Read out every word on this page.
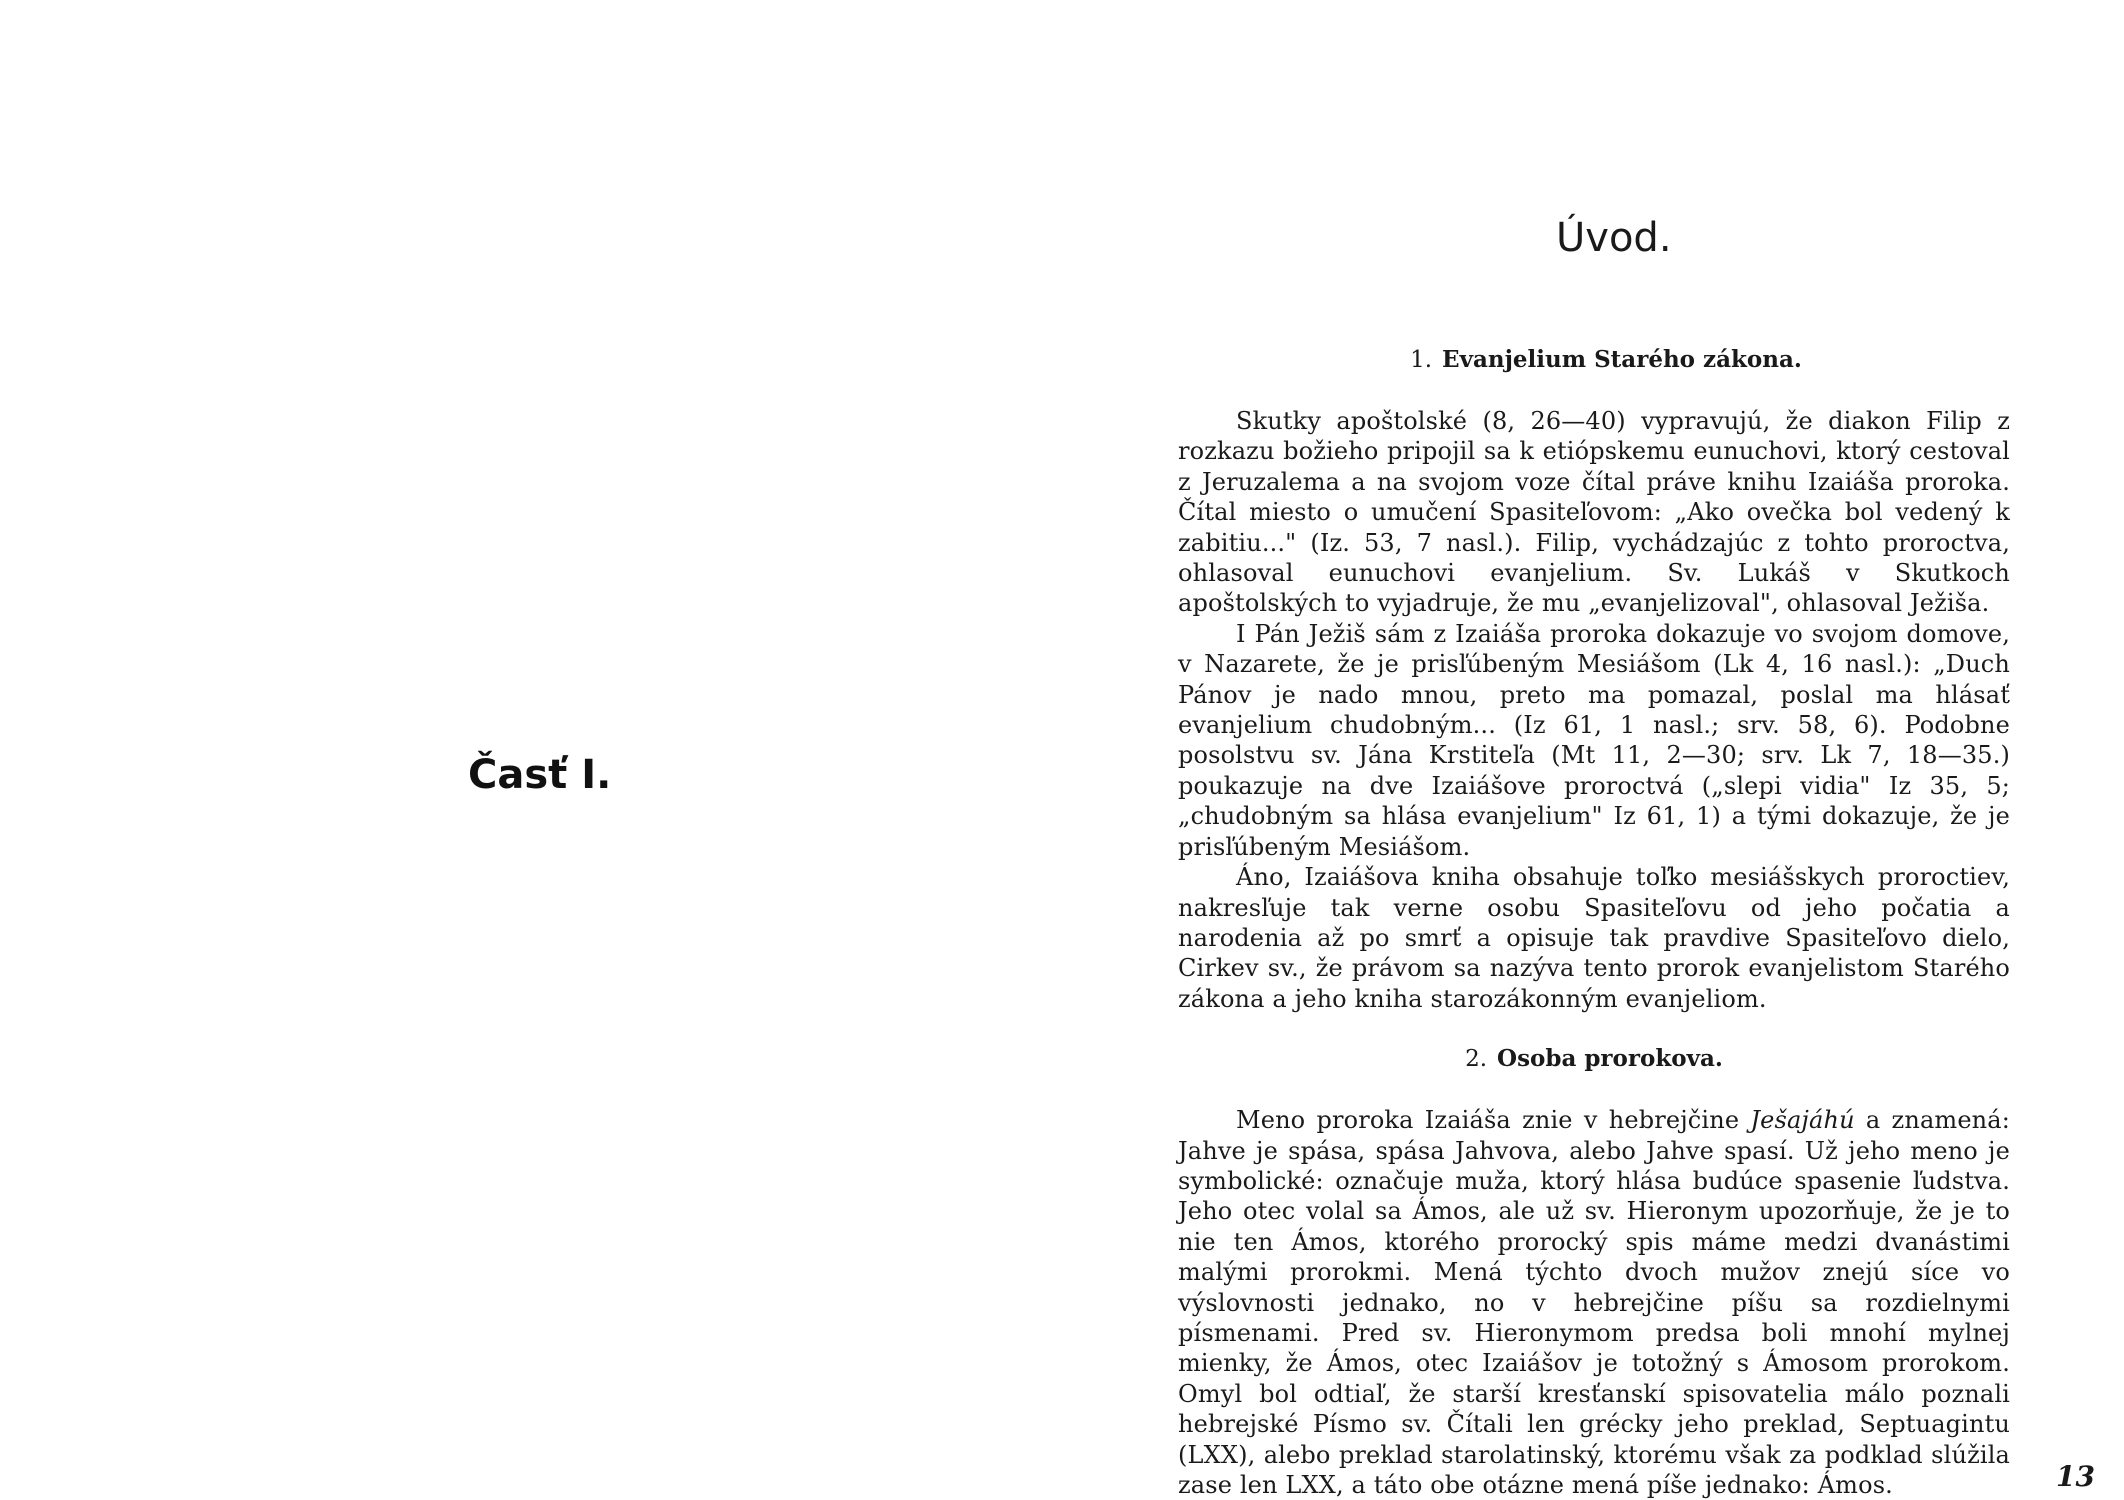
Časť I.
Úvod.
1. Evanjelium Starého zákona.

Skutky apoštolské (8, 26—40) vypravujú, že diakon Filip z rozkazu božieho pripojil sa k etiópskemu eunuchovi, ktorý cestoval z Jeruzalema a na svojom voze čítal práve knihu Izaiáša proroka. Čítal miesto o umučení Spasiteľovom: „Ako ovečka bol vedený k zabitiu..." (Iz. 53, 7 nasl.). Filip, vychádzajúc z tohto proroctva, ohlasoval eunuchovi evanjelium. Sv. Lukáš v Skutkoch apoštolských to vyjadruje, že mu „evanjelizoval", ohlasoval Ježiša.

I Pán Ježiš sám z Izaiáša proroka dokazuje vo svojom domove, v Nazarete, že je prisľúbeným Mesiášom (Lk 4, 16 nasl.): „Duch Pánov je nado mnou, preto ma pomazal, poslal ma hlásať evanjelium chudobným... (Iz 61, 1 nasl.; srv. 58, 6). Podobne posolstvu sv. Jána Krstiteľa (Mt 11, 2—30; srv. Lk 7, 18—35.) poukazuje na dve Izaiášove proroctvá („slepi vidia" Iz 35, 5; „chudobným sa hlása evanjelium" Iz 61, 1) a tými dokazuje, že je prisľúbeným Mesiášom.

Áno, Izaiášova kniha obsahuje toľko mesiášskych proroctiev, nakresľuje tak verne osobu Spasiteľovu od jeho počatia a narodenia až po smrť a opisuje tak pravdive Spasiteľovo dielo, Cirkev sv., že právom sa nazýva tento prorok evanjelistom Starého zákona a jeho kniha starozákonným evanjeliom.

2. Osoba prorokova.

Meno proroka Izaiáša znie v hebrejčine Ješajáhú a znamená: Jahve je spása, spása Jahvova, alebo Jahve spasí. Už jeho meno je symbolické: označuje muža, ktorý hlása budúce spasenie ľudstva. Jeho otec volal sa Ámos, ale už sv. Hieronym upozorňuje, že je to nie ten Ámos, ktorého prorocký spis máme medzi dvanástimi malými prorokmi. Mená týchto dvoch mužov znejú síce vo výslovnosti jednako, no v hebrejčine píšu sa rozdielnymi písmenami. Pred sv. Hieronymom predsa boli mnohí mylnej mienky, že Ámos, otec Izaiášov je totožný s Ámosom prorokom. Omyl bol odtiaľ, že starší kresťanskí spisovatelia málo poznali hebrejské Písmo sv. Čítali len grécky jeho preklad, Septuagintu (LXX), alebo preklad starolatinský, ktorému však za podklad slúžila zase len LXX, a táto obe otázne mená píše jednako: Ámos.	13
